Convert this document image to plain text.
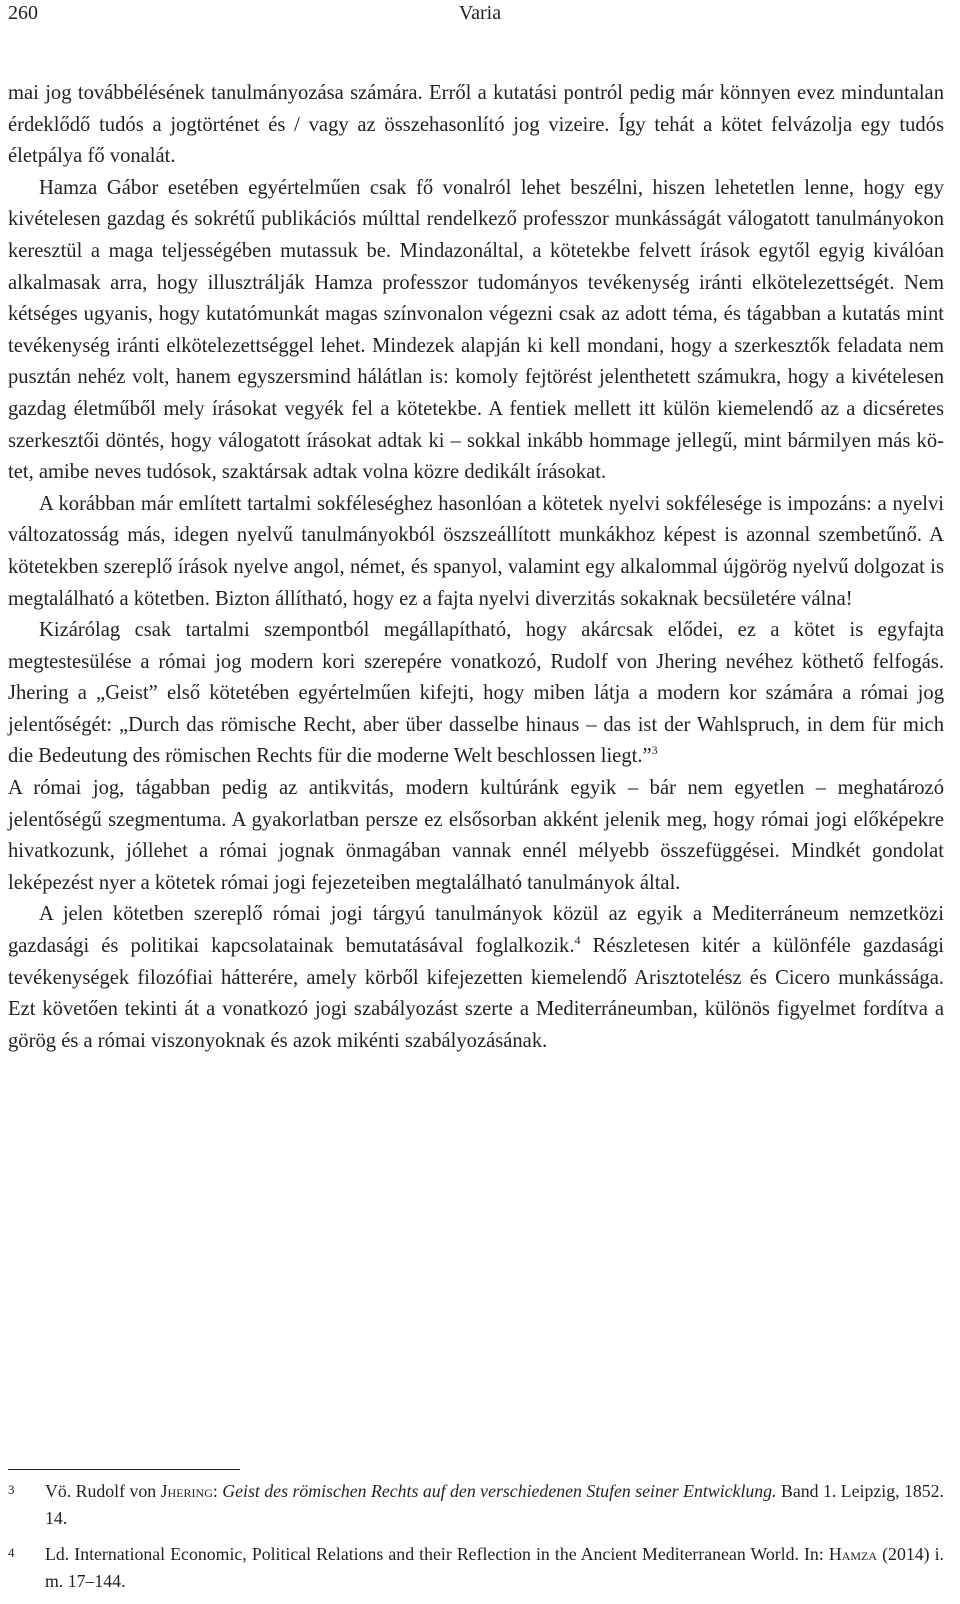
260	Varia

mai jog továbbélésének tanulmányozása számára. Erről a kutatási pontról pedig már könnyen evez minduntalan érdeklődő tudós a jogtörténet és / vagy az összehasonlító jog vizeire. Így tehát a kötet felvázolja egy tudós életpálya fő vonalát.

Hamza Gábor esetében egyértelműen csak fő vonalról lehet beszélni, hiszen lehetetlen lenne, hogy egy kivételesen gazdag és sokrétű publikációs múlttal rendelkező professzor munkásságát válogatott tanulmányokon keresztül a maga teljességében mutassuk be. Mindazonáltal, a kötetekbe felvett írások egytől egyig kiválóan alkalmasak arra, hogy illusztrálják Hamza professzor tudományos tevékenység iránti elkötelezettségét. Nem kétséges ugyanis, hogy kutatómunkát magas színvonalon végezni csak az adott téma, és tágabban a kutatás mint tevékenység iránti elkötelezettséggel lehet. Mindezek alapján ki kell mondani, hogy a szerkesztők feladata nem pusztán nehéz volt, hanem egyszersmind hálátlan is: komoly fejtörést jelenthetett számukra, hogy a kivételesen gazdag életműből mely írásokat vegyék fel a kötetekbe. A fentiek mellett itt külön kiemelendő az a dicséretes szerkesztői döntés, hogy válogatott írásokat adtak ki – sokkal inkább hommage jellegű, mint bármilyen más kötet, amibe neves tudósok, szaktársak adtak volna közre dedikált írásokat.

A korábban már említett tartalmi sokféleséghez hasonlóan a kötetek nyelvi sokfélesége is impozáns: a nyelvi változatosság más, idegen nyelvű tanulmányokból öszszeállított munkákhoz képest is azonnal szembetűnő. A kötetekben szereplő írások nyelve angol, német, és spanyol, valamint egy alkalommal újgörög nyelvű dolgozat is megtalálható a kötetben. Bizton állítható, hogy ez a fajta nyelvi diverzitás sokaknak becsületére válna!

Kizárólag csak tartalmi szempontból megállapítható, hogy akárcsak elődei, ez a kötet is egyfajta megtestesülése a római jog modern kori szerepére vonatkozó, Rudolf von Jhering nevéhez köthető felfogás. Jhering a „Geist” első kötetében egyértelműen kifejti, hogy miben látja a modern kor számára a római jog jelentőségét: „Durch das römische Recht, aber über dasselbe hinaus – das ist der Wahlspruch, in dem für mich die Bedeutung des römischen Rechts für die moderne Welt beschlossen liegt.”$^3$
A római jog, tágabban pedig az antikvitás, modern kultúránk egyik – bár nem egyetlen – meghatározó jelentőségű szegmentuma. A gyakorlatban persze ez elsősorban akként jelenik meg, hogy római jogi előképekre hivatkozunk, jóllehet a római jognak önmagában vannak ennél mélyebb összefüggései. Mindkét gondolat leképezést nyer a kötetek római jogi fejezeteiben megtalálható tanulmányok által.

A jelen kötetben szereplő római jogi tárgyú tanulmányok közül az egyik a Mediterráneum nemzetközi gazdasági és politikai kapcsolatainak bemutatásával foglalkozik.$^4$ Részletesen kitér a különféle gazdasági tevékenységek filozófiai hátterére, amely körből kifejezetten kiemelendő Arisztotelész és Cicero munkássága. Ezt követően tekinti át a vonatkozó jogi szabályozást szerte a Mediterráneumban, különös figyelmet fordítva a görög és a római viszonyoknak és azok mikénti szabályozásának.

3 Vö. Rudolf von Jhering: Geist des römischen Rechts auf den verschiedenen Stufen seiner Entwicklung. Band 1. Leipzig, 1852. 14.
4 Ld. International Economic, Political Relations and their Reflection in the Ancient Mediterranean World. In: Hamza (2014) i. m. 17–144.
